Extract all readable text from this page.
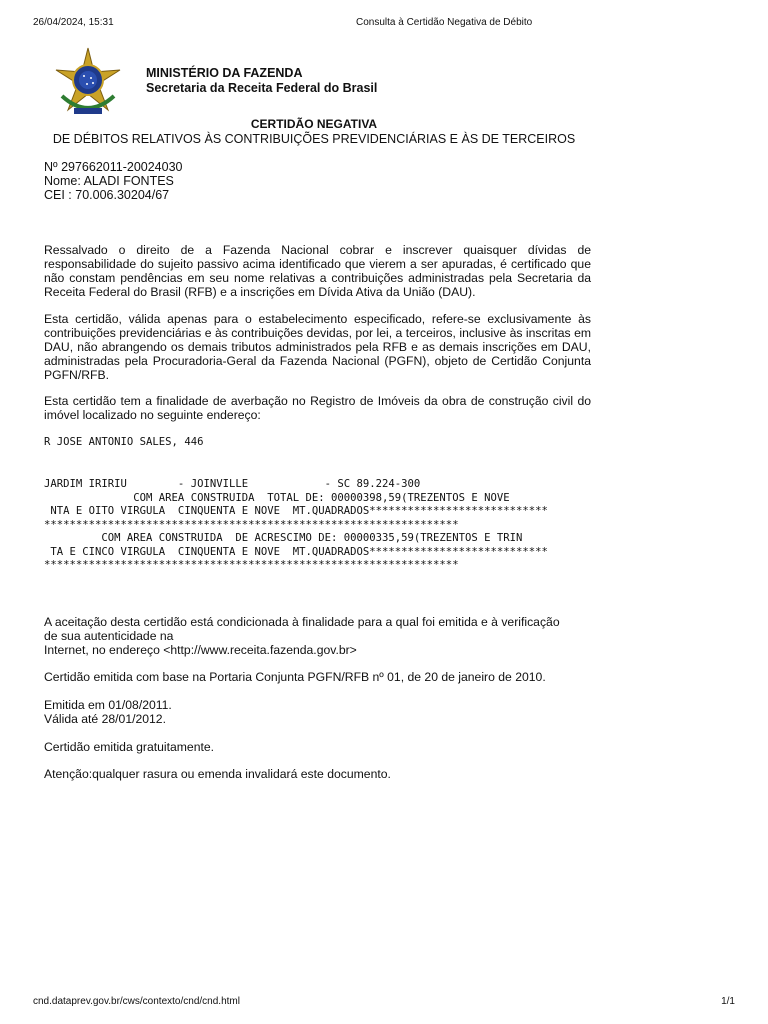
26/04/2024, 15:31	Consulta à Certidão Negativa de Débito
MINISTÉRIO DA FAZENDA
Secretaria da Receita Federal do Brasil
CERTIDÃO NEGATIVA
DE DÉBITOS RELATIVOS ÀS CONTRIBUIÇÕES PREVIDENCIÁRIAS E ÀS DE TERCEIROS
Nº 297662011-20024030
Nome: ALADI FONTES
CEI : 70.006.30204/67
Ressalvado o direito de a Fazenda Nacional cobrar e inscrever quaisquer dívidas de responsabilidade do sujeito passivo acima identificado que vierem a ser apuradas, é certificado que não constam pendências em seu nome relativas a contribuições administradas pela Secretaria da Receita Federal do Brasil (RFB) e a inscrições em Dívida Ativa da União (DAU).
Esta certidão, válida apenas para o estabelecimento especificado, refere-se exclusivamente às contribuições previdenciárias e às contribuições devidas, por lei, a terceiros, inclusive às inscritas em DAU, não abrangendo os demais tributos administrados pela RFB e as demais inscrições em DAU, administradas pela Procuradoria-Geral da Fazenda Nacional (PGFN), objeto de Certidão Conjunta PGFN/RFB.
Esta certidão tem a finalidade de averbação no Registro de Imóveis da obra de construção civil do imóvel localizado no seguinte endereço:
R JOSE ANTONIO SALES, 446
JARDIM IRIRIU        - JOINVILLE            - SC 89.224-300
COM AREA CONSTRUIDA  TOTAL DE: 00000398,59(TREZENTOS E NOVE
NTA E OITO VIRGULA  CINQUENTA E NOVE  MT.QUADRADOS****************************
*****************************************************************
COM AREA CONSTRUIDA  DE ACRESCIMO DE: 00000335,59(TREZENTOS E TRIN
TA E CINCO VIRGULA  CINQUENTA E NOVE  MT.QUADRADOS****************************
*****************************************************************
A aceitação desta certidão está condicionada à finalidade para a qual foi emitida e à verificação
de sua autenticidade na
Internet, no endereço <http://www.receita.fazenda.gov.br>
Certidão emitida com base na Portaria Conjunta PGFN/RFB nº 01, de 20 de janeiro de 2010.
Emitida em 01/08/2011.
Válida até 28/01/2012.
Certidão emitida gratuitamente.
Atenção:qualquer rasura ou emenda invalidará este documento.
cnd.dataprev.gov.br/cws/contexto/cnd/cnd.html	1/1
